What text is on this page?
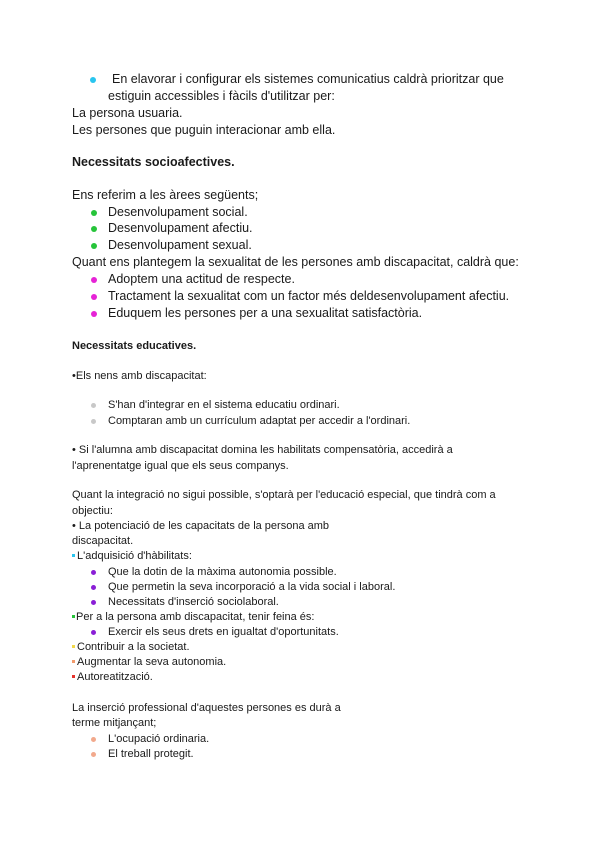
En elavorar i configurar els sistemes comunicatius caldrà prioritzar que
estiguin accessibles i fàcils d'utilitzar per:
La persona usuaria.
Les persones que puguin interacionar amb ella.
Necessitats socioafectives.
Ens referim a les àrees següents;
Desenvolupament social.
Desenvolupament afectiu.
Desenvolupament sexual.
Quant ens plantegem la sexualitat de les persones amb discapacitat, caldrà que:
Adoptem una actitud de respecte.
Tractament la sexualitat com un factor més deldesenvolupament afectiu.
Eduquem les persones per a una sexualitat satisfactòria.
Necessitats educatives.
•Els nens amb discapacitat:
S'han d'integrar en el sistema educatiu ordinari.
Comptaran amb un currículum adaptat per accedir a l'ordinari.
• Si l'alumna amb discapacitat domina les habilitats compensatòria, accedirà a
l'aprenentatge igual que els seus companys.
Quant la integració no sigui possible, s'optarà per l'educació especial, que tindrà com a
objectiu:
• La potenciació de les capacitats de la persona amb
discapacitat.
L'adquisició d'hàbilitats:
Que la dotin de la màxima autonomia possible.
Que permetin la seva incorporació a la vida social i laboral.
Necessitats d'inserció sociolaboral.
Per a la persona amb discapacitat, tenir feina és:
Exercir els seus drets en igualtat d'oportunitats.
Contribuir a la societat.
Augmentar la seva autonomia.
Autoreatització.
La inserció professional d'aquestes persones es durà a
terme mitjançant;
L'ocupació ordinaria.
El treball protegit.
